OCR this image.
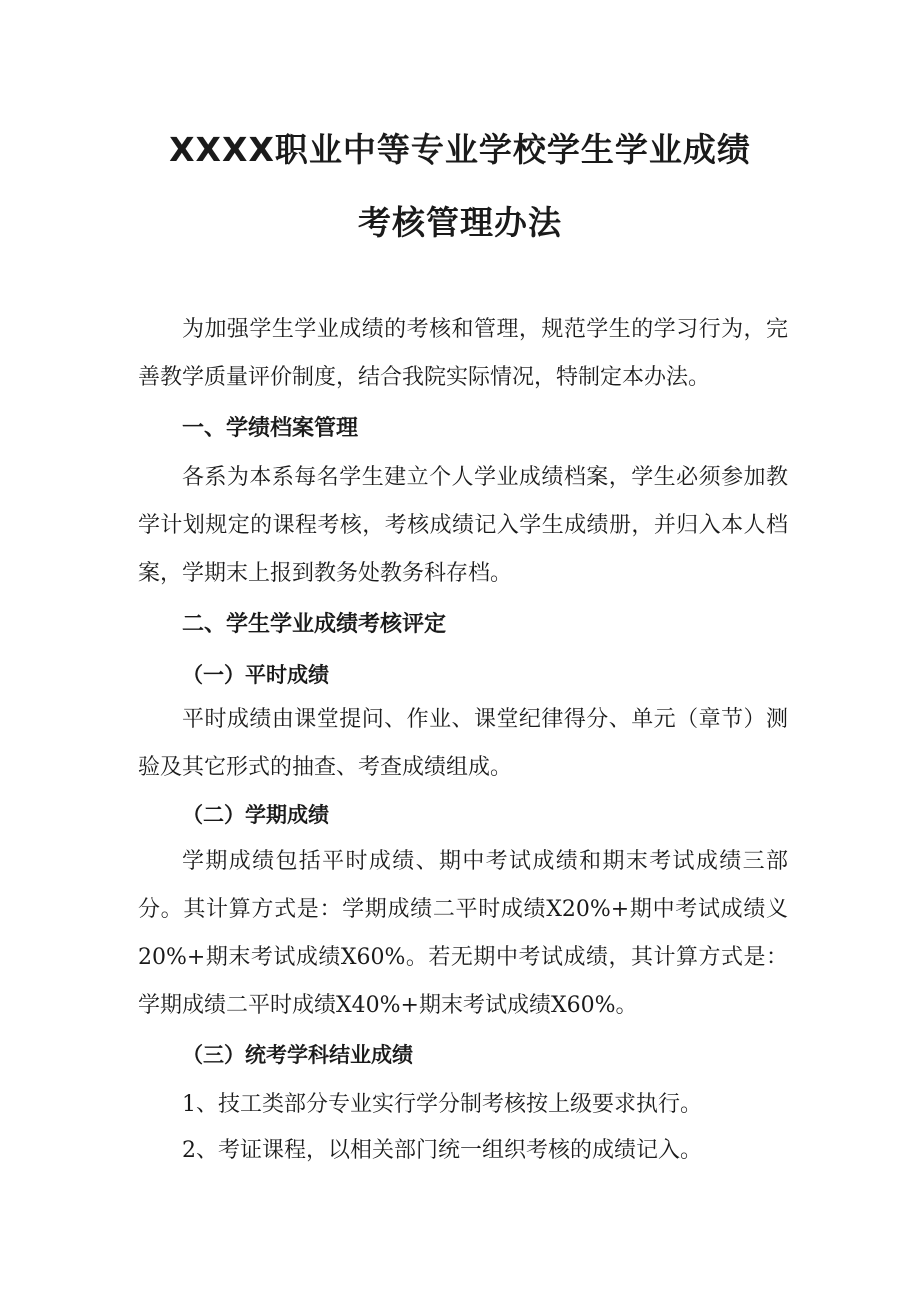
XXXX职业中等专业学校学生学业成绩
考核管理办法

为加强学生学业成绩的考核和管理，规范学生的学习行为，完善教学质量评价制度，结合我院实际情况，特制定本办法。

一、学绩档案管理

各系为本系每名学生建立个人学业成绩档案，学生必须参加教学计划规定的课程考核，考核成绩记入学生成绩册，并归入本人档案，学期末上报到教务处教务科存档。

二、学生学业成绩考核评定
（一）平时成绩

平时成绩由课堂提问、作业、课堂纪律得分、单元（章节）测验及其它形式的抽查、考查成绩组成。

（二）学期成绩

学期成绩包括平时成绩、期中考试成绩和期末考试成绩三部分。其计算方式是：学期成绩二平时成绩X20%+期中考试成绩义20%+期末考试成绩X60%。若无期中考试成绩，其计算方式是：学期成绩二平时成绩X40%+期末考试成绩X60%。

（三）统考学科结业成绩
1、技工类部分专业实行学分制考核按上级要求执行。
2、考证课程，以相关部门统一组织考核的成绩记入。
